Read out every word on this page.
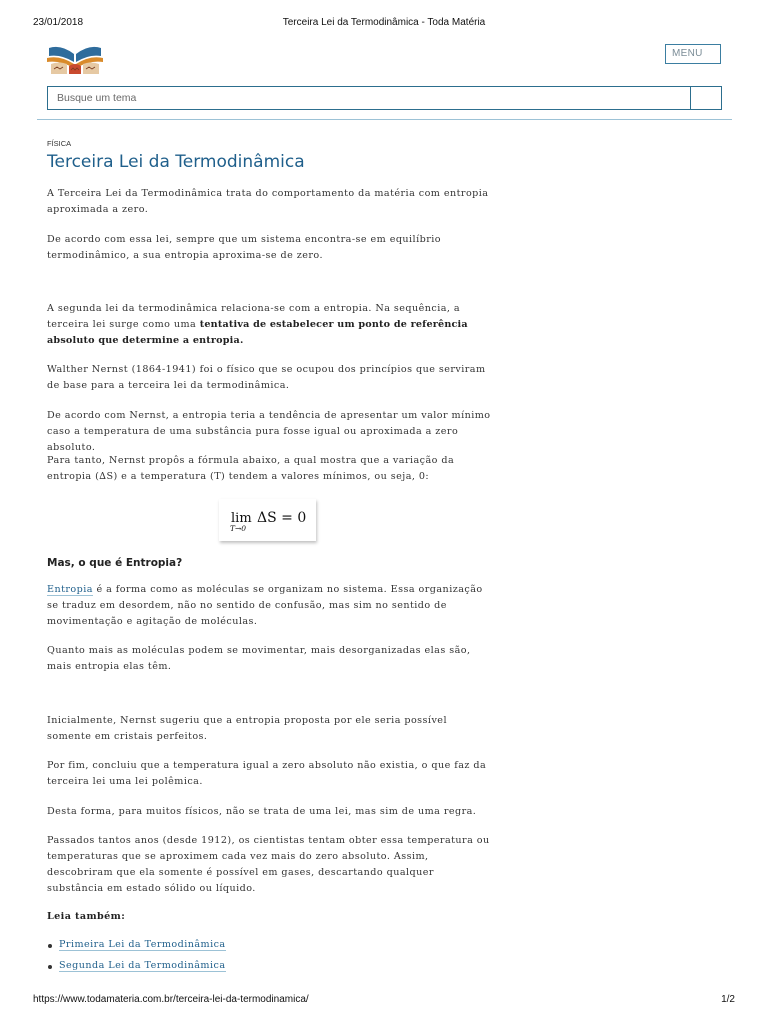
23/01/2018	Terceira Lei da Termodinâmica - Toda Matéria
MENU
Busque um tema
FÍSICA
Terceira Lei da Termodinâmica

A Terceira Lei da Termodinâmica trata do comportamento da matéria com entropia aproximada a zero.

De acordo com essa lei, sempre que um sistema encontra-se em equilíbrio termodinâmico, a sua entropia aproxima-se de zero.

A segunda lei da termodinâmica relaciona-se com a entropia. Na sequência, a terceira lei surge como uma tentativa de estabelecer um ponto de referência absoluto que determine a entropia.

Walther Nernst (1864-1941) foi o físico que se ocupou dos princípios que serviram de base para a terceira lei da termodinâmica.

De acordo com Nernst, a entropia teria a tendência de apresentar um valor mínimo caso a temperatura de uma substância pura fosse igual ou aproximada a zero absoluto.

Para tanto, Nernst propôs a fórmula abaixo, a qual mostra que a variação da entropia (∆S) e a temperatura (T) tendem a valores mínimos, ou seja, 0:

lim
T→0
ΔS = 0
Mas, o que é Entropia?

Entropia é a forma como as moléculas se organizam no sistema. Essa organização se traduz em desordem, não no sentido de confusão, mas sim no sentido de movimentação e agitação de moléculas.

Quanto mais as moléculas podem se movimentar, mais desorganizadas elas são, mais entropia elas têm.

Inicialmente, Nernst sugeriu que a entropia proposta por ele seria possível somente em cristais perfeitos.

Por fim, concluiu que a temperatura igual a zero absoluto não existia, o que faz da terceira lei uma lei polêmica.

Desta forma, para muitos físicos, não se trata de uma lei, mas sim de uma regra.

Passados tantos anos (desde 1912), os cientistas tentam obter essa temperatura ou temperaturas que se aproximem cada vez mais do zero absoluto. Assim, descobriram que ela somente é possível em gases, descartando qualquer substância em estado sólido ou líquido.

Leia também:

Primeira Lei da Termodinâmica
Segunda Lei da Termodinâmica
https://www.todamateria.com.br/terceira-lei-da-termodinamica/	1/2
